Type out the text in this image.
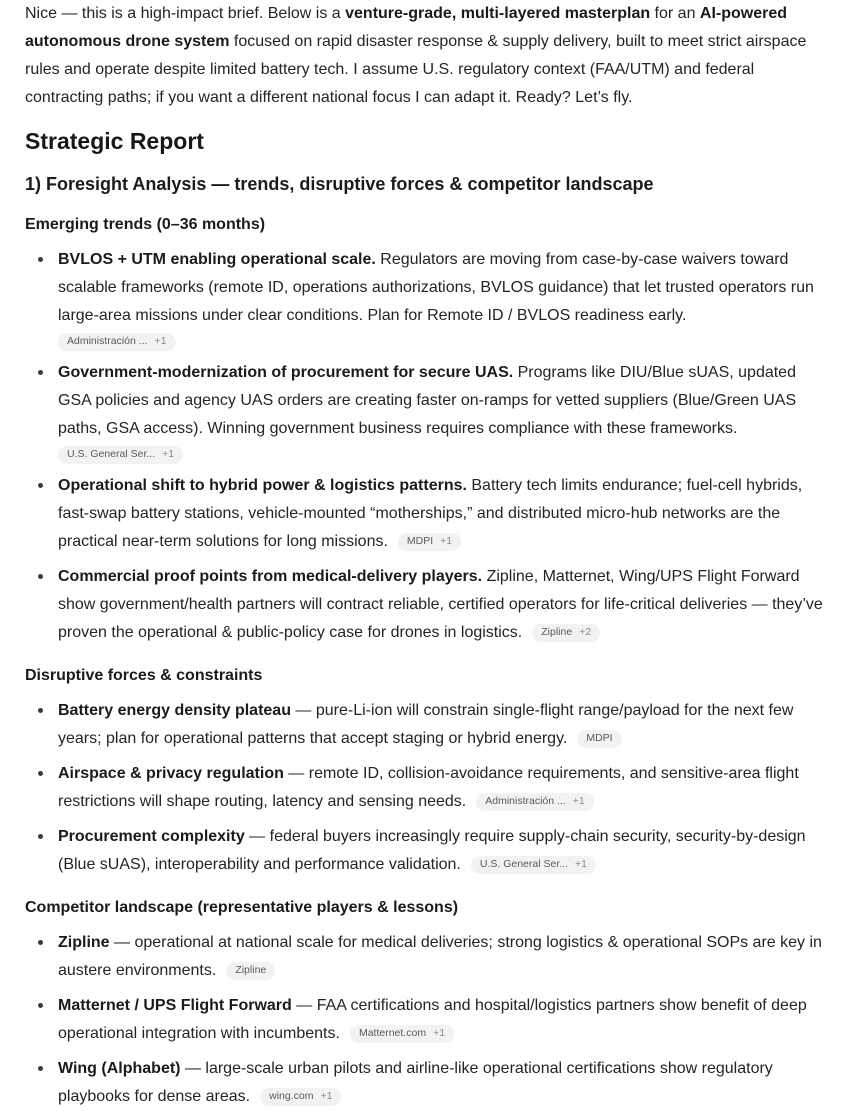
Nice — this is a high-impact brief. Below is a venture-grade, multi-layered masterplan for an AI-powered autonomous drone system focused on rapid disaster response & supply delivery, built to meet strict airspace rules and operate despite limited battery tech. I assume U.S. regulatory context (FAA/UTM) and federal contracting paths; if you want a different national focus I can adapt it. Ready? Let’s fly.

Strategic Report
1) Foresight Analysis — trends, disruptive forces & competitor landscape
Emerging trends (0–36 months)
BVLOS + UTM enabling operational scale. Regulators are moving from case-by-case waivers toward scalable frameworks (remote ID, operations authorizations, BVLOS guidance) that let trusted operators run large-area missions under clear conditions. Plan for Remote ID / BVLOS readiness early.
Administración ... +1
Government-modernization of procurement for secure UAS. Programs like DIU/Blue sUAS, updated GSA policies and agency UAS orders are creating faster on-ramps for vetted suppliers (Blue/Green UAS paths, GSA access). Winning government business requires compliance with these frameworks.
U.S. General Ser... +1
Operational shift to hybrid power & logistics patterns. Battery tech limits endurance; fuel-cell hybrids, fast-swap battery stations, vehicle-mounted “motherships,” and distributed micro-hub networks are the practical near-term solutions for long missions. MDPI +1
Commercial proof points from medical-delivery players. Zipline, Matternet, Wing/UPS Flight Forward show government/health partners will contract reliable, certified operators for life-critical deliveries — they’ve proven the operational & public-policy case for drones in logistics. Zipline +2
Disruptive forces & constraints
Battery energy density plateau — pure-Li-ion will constrain single-flight range/payload for the next few years; plan for operational patterns that accept staging or hybrid energy. MDPI
Airspace & privacy regulation — remote ID, collision-avoidance requirements, and sensitive-area flight restrictions will shape routing, latency and sensing needs. Administración ... +1
Procurement complexity — federal buyers increasingly require supply-chain security, security-by-design (Blue sUAS), interoperability and performance validation. U.S. General Ser... +1
Competitor landscape (representative players & lessons)
Zipline — operational at national scale for medical deliveries; strong logistics & operational SOPs are key in austere environments. Zipline
Matternet / UPS Flight Forward — FAA certifications and hospital/logistics partners show benefit of deep operational integration with incumbents. Matternet.com +1
Wing (Alphabet) — large-scale urban pilots and airline-like operational certifications show regulatory playbooks for dense areas. wing.com +1
